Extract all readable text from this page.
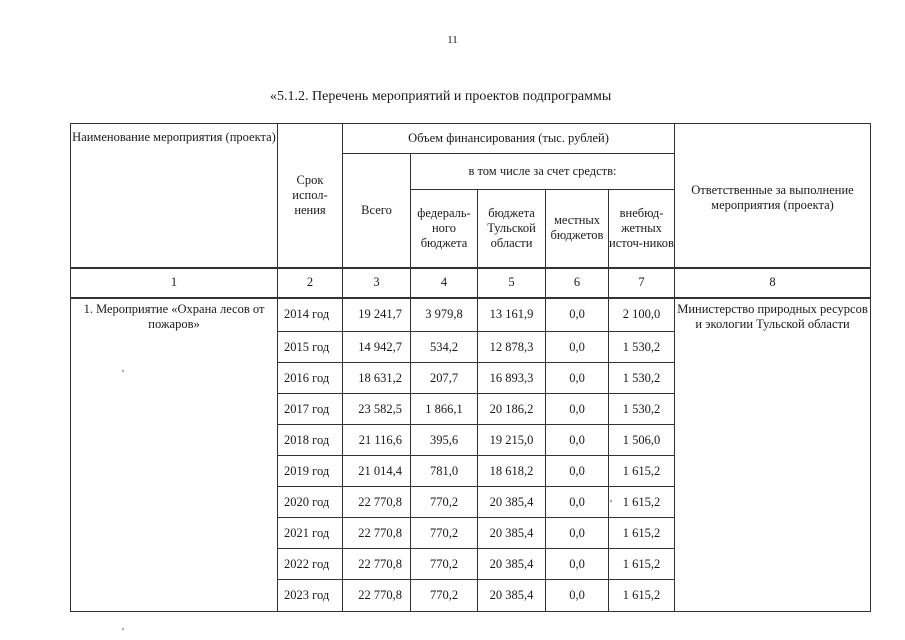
11
«5.1.2. Перечень мероприятий и проектов подпрограммы
Наименование мероприятия (проекта)	Срок испол-нения	Объем финансирования (тыс. рублей)					Ответственные за выполнение мероприятия (проекта)
		Всего	в том числе за счет средств:				
			федераль-ного бюджета	бюджета Тульской области	местных бюджетов	внебюд-жетных источ-ников	
1	2	3	4	5	6	7	8
1. Мероприятие «Охрана лесов от пожаров»	2014 год	19 241,7	3 979,8	13 161,9	0,0	2 100,0	Министерство природных ресурсов и экологии Тульской области
	2015 год	14 942,7	534,2	12 878,3	0,0	1 530,2	
	2016 год	18 631,2	207,7	16 893,3	0,0	1 530,2	
	2017 год	23 582,5	1 866,1	20 186,2	0,0	1 530,2	
	2018 год	21 116,6	395,6	19 215,0	0,0	1 506,0	
	2019 год	21 014,4	781,0	18 618,2	0,0	1 615,2	
	2020 год	22 770,8	770,2	20 385,4	0,0	1 615,2	
	2021 год	22 770,8	770,2	20 385,4	0,0	1 615,2	
	2022 год	22 770,8	770,2	20 385,4	0,0	1 615,2	
	2023 год	22 770,8	770,2	20 385,4	0,0	1 615,2	
